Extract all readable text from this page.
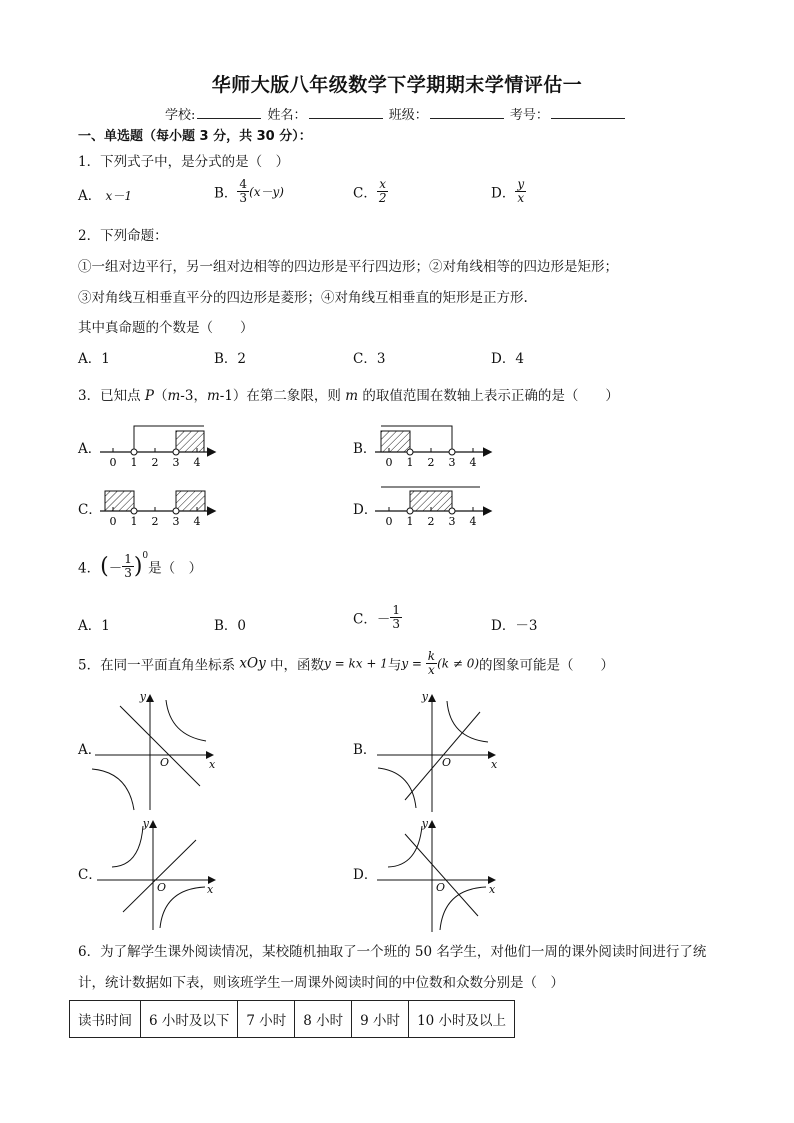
华师大版八年级数学下学期期末学情评估一
学校:	姓名：	班级：	考号：
一、单选题（每小题 3 分，共 30 分）：
1．下列式子中，是分式的是（　）
A． x－1	B． $\frac{4}{3} (x-y)$	C． $\frac{x}{2}$	D． $\frac{y}{x}$
2．下列命题：
①一组对边平行，另一组对边相等的四边形是平行四边形；②对角线相等的四边形是矩形；
③对角线互相垂直平分的四边形是菱形；④对角线互相垂直的矩形是正方形.
其中真命题的个数是（　　）
A．1	B．2	C．3	D．4
3．已知点 P（m-3，m-1）在第二象限，则 m 的取值范围在数轴上表示正确的是（　　）
A．	B．
C．	D．
0 1 2 3 4	0 1 2 3 4
0 1 2 3 4	0 1 2 3 4
y
x
O
y
x
O
y
x
O
y
x
O
4．(－ $\frac{1}{3} )^0$是（　）
A．1	B．0	C．－ $\frac{1}{3}$	D．－3
5．在同一平面直角坐标系 xOy 中，函数y = kx + 1与$y = \frac{k}{x} (k \ne 0)$的图象可能是（　　）
A．	B．
C．	D．
6．为了解学生课外阅读情况，某校随机抽取了一个班的 50 名学生，对他们一周的课外阅读时间进行了统
计，统计数据如下表，则该班学生一周课外阅读时间的中位数和众数分别是（　）
读书时间	6 小时及以下	7 小时	8 小时	9 小时	10 小时及以上
